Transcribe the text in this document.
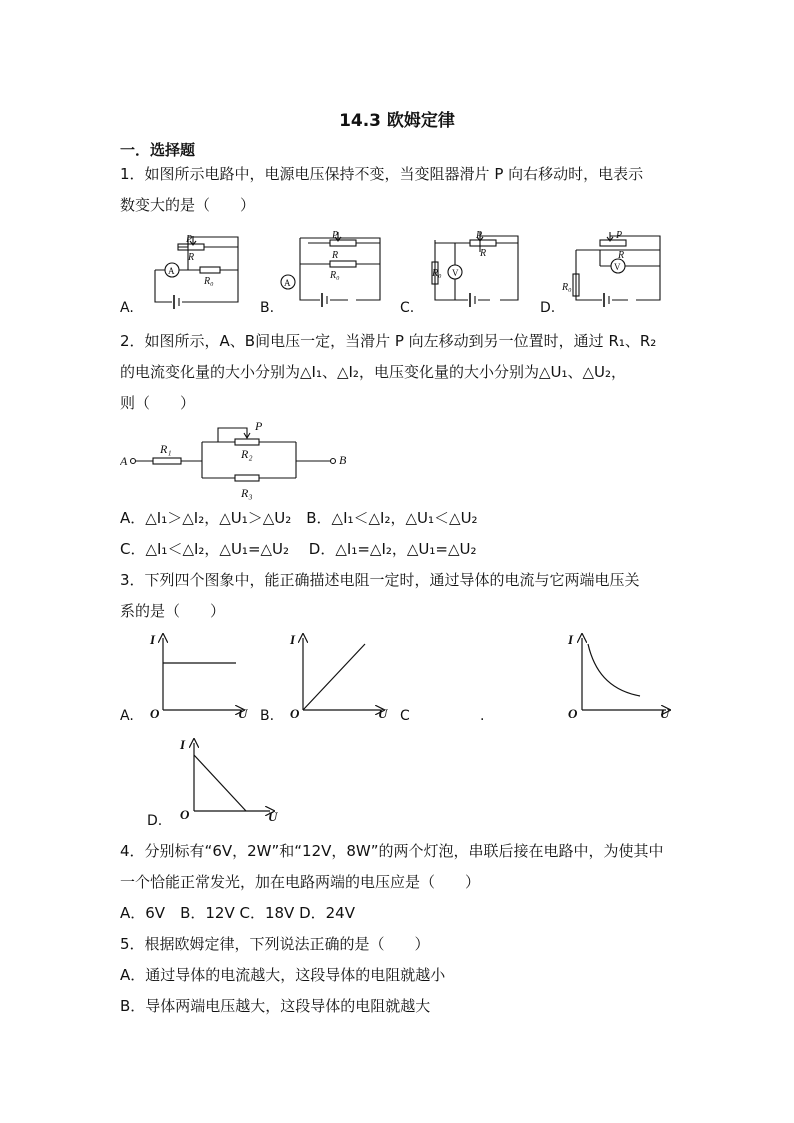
14.3 欧姆定律
一．选择题
1．如图所示电路中，电源电压保持不变，当变阻器滑片 P 向右移动时，电表示
数变大的是（　　）
P
R
R₀
A
P
R
R₀
P
R
R₀ V
P
R
R₀
V
A
A.	B.	C.	D.
2．如图所示，A、B间电压一定，当滑片 P 向左移动到另一位置时，通过 R₁、R₂
的电流变化量的大小分别为△I₁、△I₂，电压变化量的大小分别为△U₁、△U₂，
则（　　）
A	B
R₁	R₂
R₃
P
A．△I₁＞△I₂，△U₁＞△U₂　B．△I₁＜△I₂，△U₁＜△U₂
C．△I₁＜△I₂，△U₁=△U₂　 D．△I₁=△I₂，△U₁=△U₂
3．下列四个图象中，能正确描述电阻一定时，通过导体的电流与它两端电压关
系的是（　　）
I
O
I
U
O
I
U
O
U
A.	B.	C	.
I
U
O
D.
4．分别标有“6V，2W”和“12V，8W”的两个灯泡，串联后接在电路中，为使其中
一个恰能正常发光，加在电路两端的电压应是（　　）
A．6V　B．12V C．18V D．24V
5．根据欧姆定律，下列说法正确的是（　　）
A．通过导体的电流越大，这段导体的电阻就越小
B．导体两端电压越大，这段导体的电阻就越大
